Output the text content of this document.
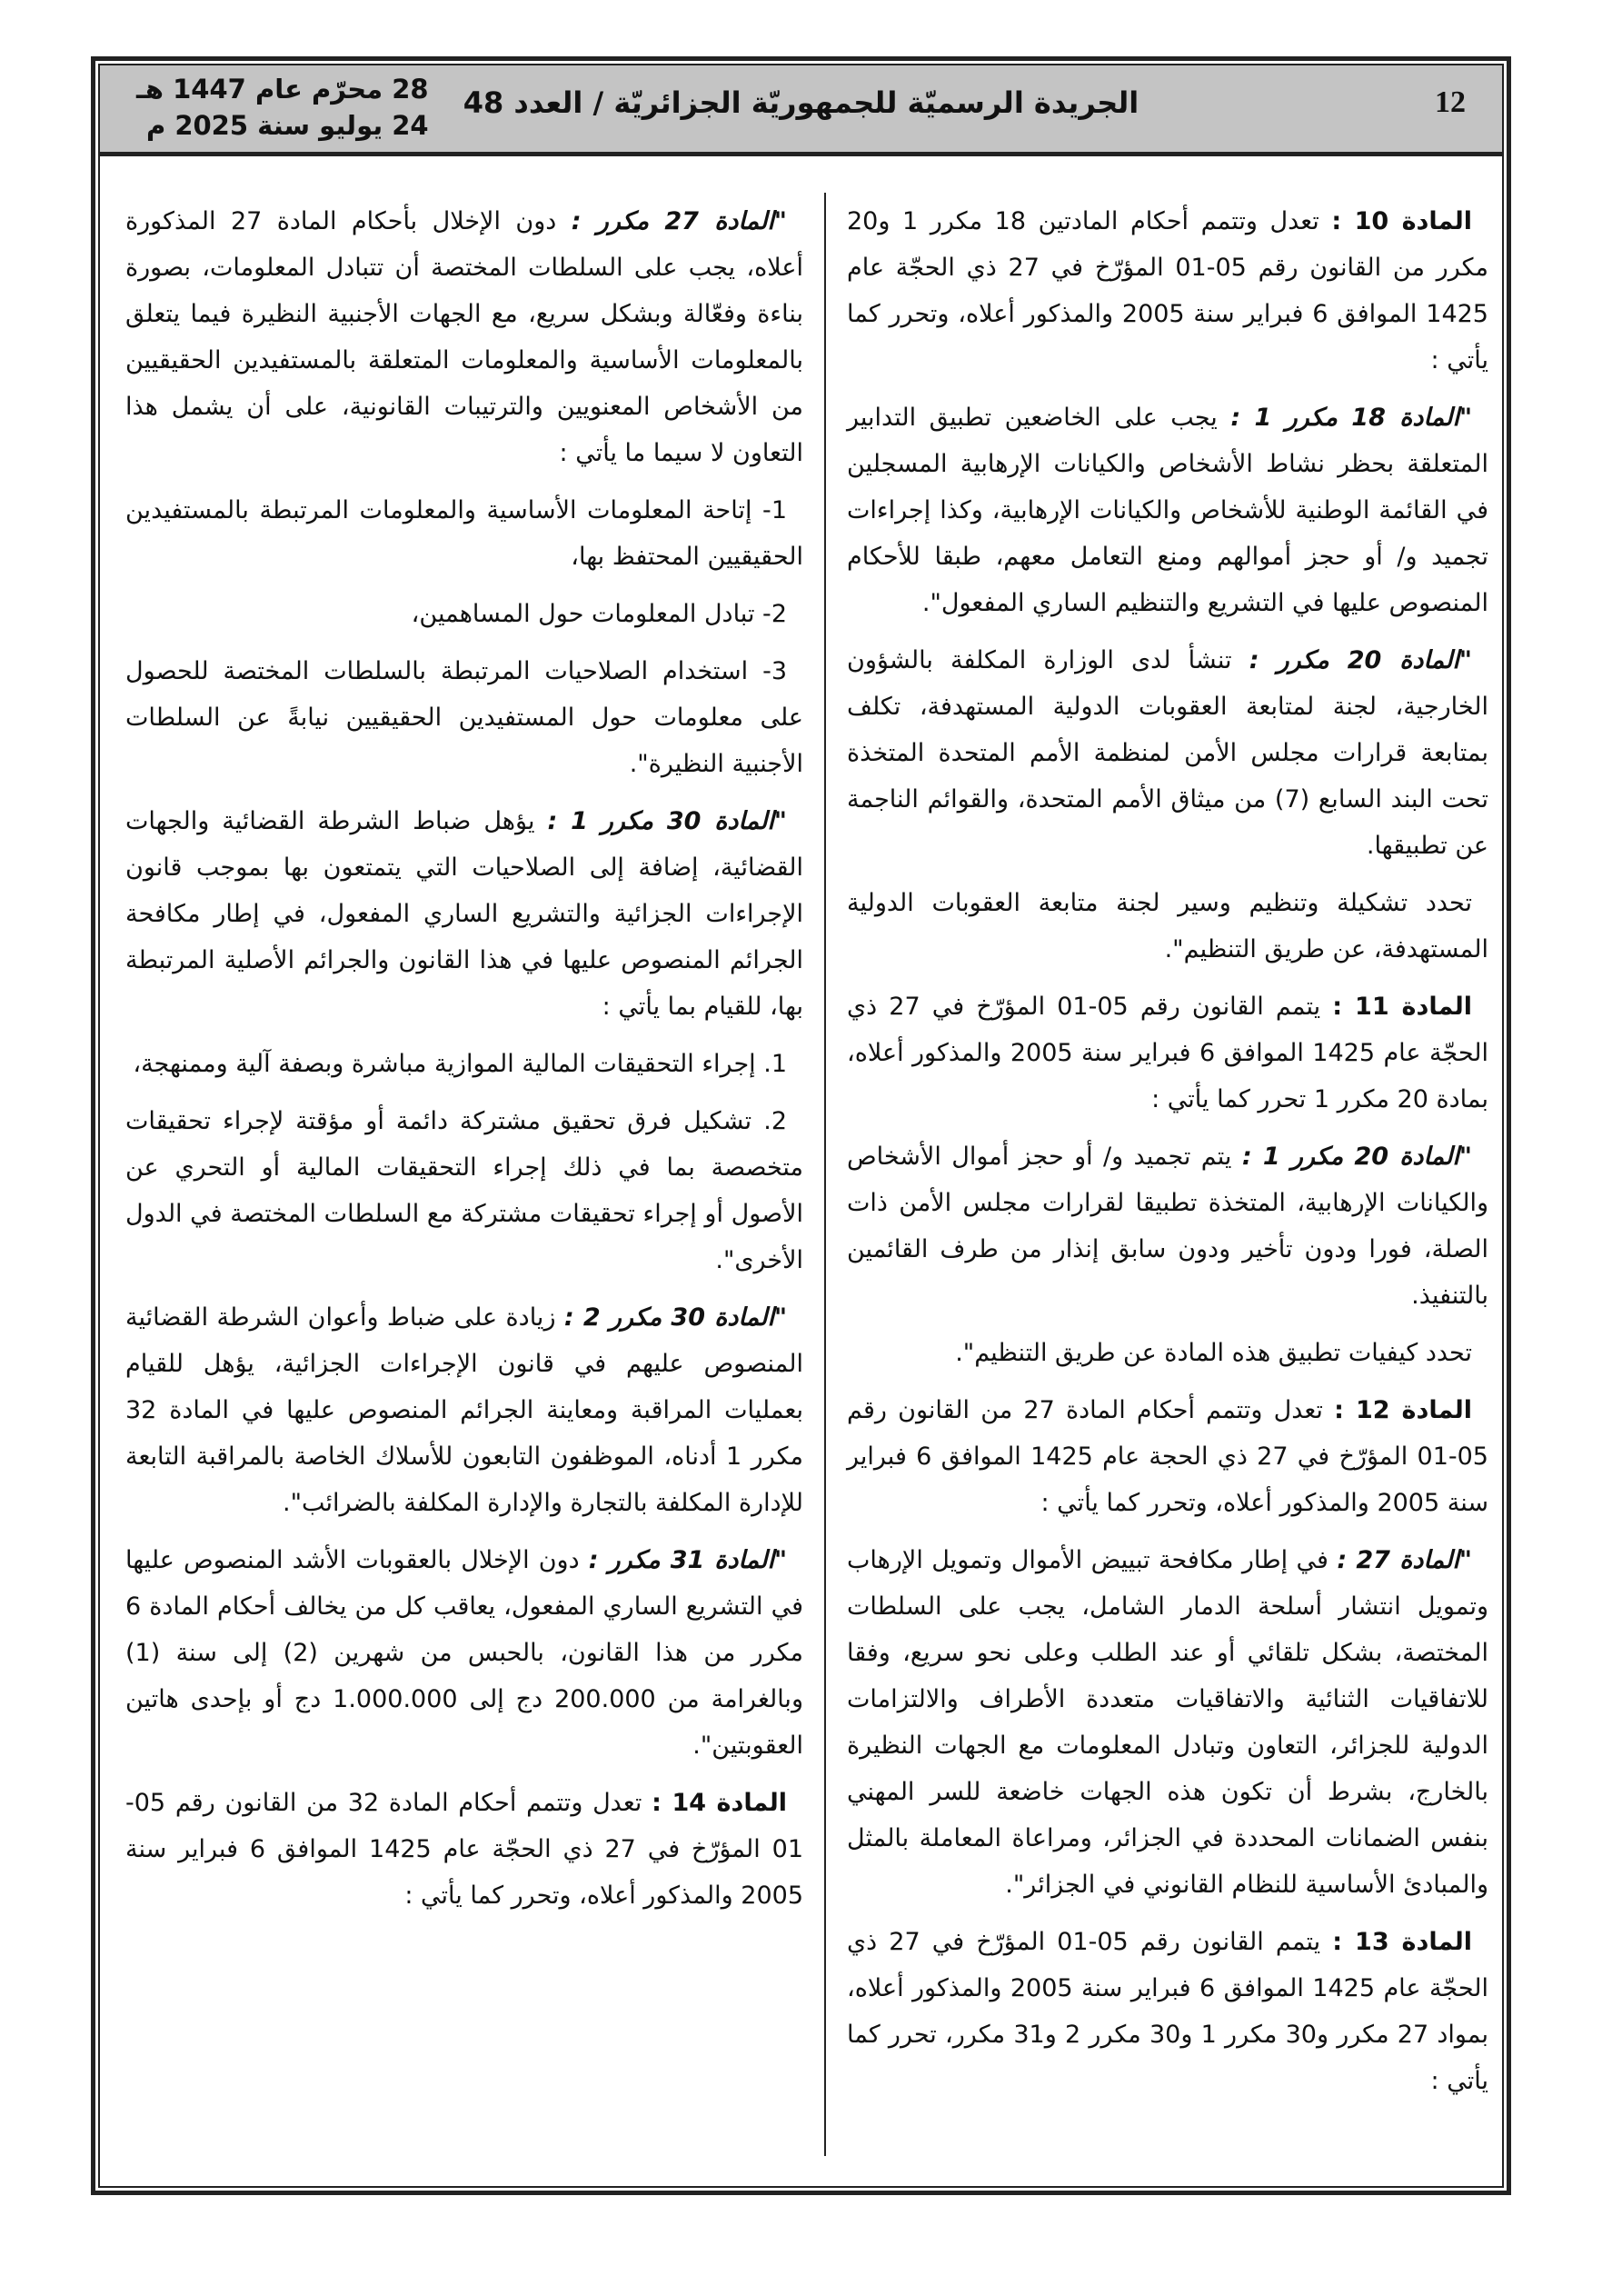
12
الجريدة الرسميّة للجمهوريّة الجزائريّة / العدد 48
28 محرّم عام 1447 هـ
24 يوليو سنة 2025 م

المادة 10 : تعدل وتتمم أحكام المادتين 18 مكرر 1 و20 مكرر من القانون رقم 05-01 المؤرّخ في 27 ذي الحجّة عام 1425 الموافق 6 فبراير سنة 2005 والمذكور أعلاه، وتحرر كما يأتي :

"المادة 18 مكرر 1 : يجب على الخاضعين تطبيق التدابير المتعلقة بحظر نشاط الأشخاص والكيانات الإرهابية المسجلين في القائمة الوطنية للأشخاص والكيانات الإرهابية، وكذا إجراءات تجميد و/ أو حجز أموالهم ومنع التعامل معهم، طبقا للأحكام المنصوص عليها في التشريع والتنظيم الساري المفعول".

"المادة 20 مكرر : تنشأ لدى الوزارة المكلفة بالشؤون الخارجية، لجنة لمتابعة العقوبات الدولية المستهدفة، تكلف بمتابعة قرارات مجلس الأمن لمنظمة الأمم المتحدة المتخذة تحت البند السابع (7) من ميثاق الأمم المتحدة، والقوائم الناجمة عن تطبيقها.

تحدد تشكيلة وتنظيم وسير لجنة متابعة العقوبات الدولية المستهدفة، عن طريق التنظيم".

المادة 11 : يتمم القانون رقم 05-01 المؤرّخ في 27 ذي الحجّة عام 1425 الموافق 6 فبراير سنة 2005 والمذكور أعلاه، بمادة 20 مكرر 1 تحرر كما يأتي :

"المادة 20 مكرر 1 : يتم تجميد و/ أو حجز أموال الأشخاص والكيانات الإرهابية، المتخذة تطبيقا لقرارات مجلس الأمن ذات الصلة، فورا ودون تأخير ودون سابق إنذار من طرف القائمين بالتنفيذ.

تحدد كيفيات تطبيق هذه المادة عن طريق التنظيم".

المادة 12 : تعدل وتتمم أحكام المادة 27 من القانون رقم 05-01 المؤرّخ في 27 ذي الحجة عام 1425 الموافق 6 فبراير سنة 2005 والمذكور أعلاه، وتحرر كما يأتي :

"المادة 27 : في إطار مكافحة تبييض الأموال وتمويل الإرهاب وتمويل انتشار أسلحة الدمار الشامل، يجب على السلطات المختصة، بشكل تلقائي أو عند الطلب وعلى نحو سريع، وفقا للاتفاقيات الثنائية والاتفاقيات متعددة الأطراف والالتزامات الدولية للجزائر، التعاون وتبادل المعلومات مع الجهات النظيرة بالخارج، بشرط أن تكون هذه الجهات خاضعة للسر المهني بنفس الضمانات المحددة في الجزائر، ومراعاة المعاملة بالمثل والمبادئ الأساسية للنظام القانوني في الجزائر".

المادة 13 : يتمم القانون رقم 05-01 المؤرّخ في 27 ذي الحجّة عام 1425 الموافق 6 فبراير سنة 2005 والمذكور أعلاه، بمواد 27 مكرر و30 مكرر 1 و30 مكرر 2 و31 مكرر، تحرر كما يأتي :

"المادة 27 مكرر : دون الإخلال بأحكام المادة 27 المذكورة أعلاه، يجب على السلطات المختصة أن تتبادل المعلومات، بصورة بناءة وفعّالة وبشكل سريع، مع الجهات الأجنبية النظيرة فيما يتعلق بالمعلومات الأساسية والمعلومات المتعلقة بالمستفيدين الحقيقيين من الأشخاص المعنويين والترتيبات القانونية، على أن يشمل هذا التعاون لا سيما ما يأتي :

1- إتاحة المعلومات الأساسية والمعلومات المرتبطة بالمستفيدين الحقيقيين المحتفظ بها،

2- تبادل المعلومات حول المساهمين،

3- استخدام الصلاحيات المرتبطة بالسلطات المختصة للحصول على معلومات حول المستفيدين الحقيقيين نيابةً عن السلطات الأجنبية النظيرة".

"المادة 30 مكرر 1 : يؤهل ضباط الشرطة القضائية والجهات القضائية، إضافة إلى الصلاحيات التي يتمتعون بها بموجب قانون الإجراءات الجزائية والتشريع الساري المفعول، في إطار مكافحة الجرائم المنصوص عليها في هذا القانون والجرائم الأصلية المرتبطة بها، للقيام بما يأتي :

1. إجراء التحقيقات المالية الموازية مباشرة وبصفة آلية وممنهجة،

2. تشكيل فرق تحقيق مشتركة دائمة أو مؤقتة لإجراء تحقيقات متخصصة بما في ذلك إجراء التحقيقات المالية أو التحري عن الأصول أو إجراء تحقيقات مشتركة مع السلطات المختصة في الدول الأخرى".

"المادة 30 مكرر 2 : زيادة على ضباط وأعوان الشرطة القضائية المنصوص عليهم في قانون الإجراءات الجزائية، يؤهل للقيام بعمليات المراقبة ومعاينة الجرائم المنصوص عليها في المادة 32 مكرر 1 أدناه، الموظفون التابعون للأسلاك الخاصة بالمراقبة التابعة للإدارة المكلفة بالتجارة والإدارة المكلفة بالضرائب".

"المادة 31 مكرر : دون الإخلال بالعقوبات الأشد المنصوص عليها في التشريع الساري المفعول، يعاقب كل من يخالف أحكام المادة 6 مكرر من هذا القانون، بالحبس من شهرين (2) إلى سنة (1) وبالغرامة من 200.000 دج إلى 1.000.000 دج أو بإحدى هاتين العقوبتين".

المادة 14 : تعدل وتتمم أحكام المادة 32 من القانون رقم 05-01 المؤرّخ في 27 ذي الحجّة عام 1425 الموافق 6 فبراير سنة 2005 والمذكور أعلاه، وتحرر كما يأتي :
